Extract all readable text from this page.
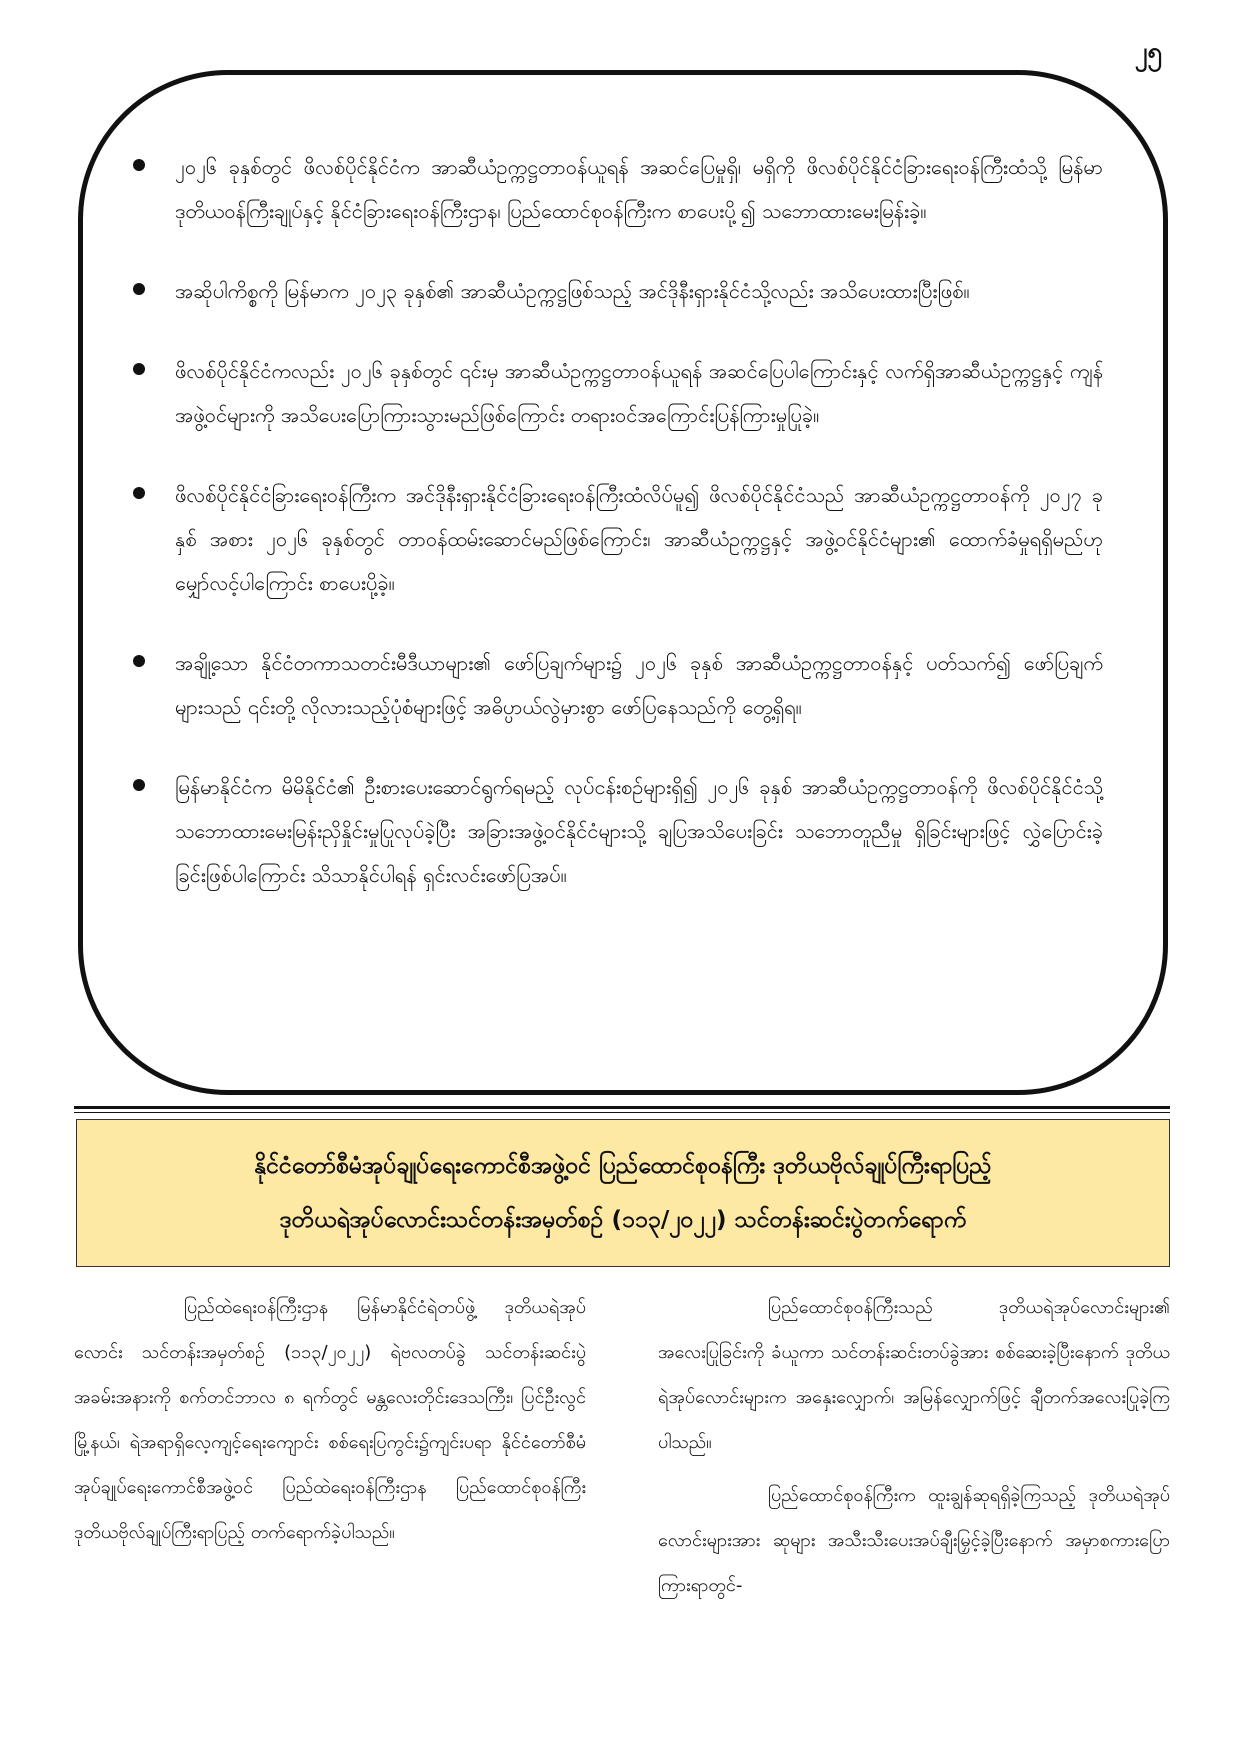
၂၅
၂၀၂၆ ခုနှစ်တွင် ဖိလစ်ပိုင်နိုင်ငံက အာဆီယံဥက္ကဋ္ဌတာဝန်ယူရန် အဆင်ပြေမှုရှိ၊ မရှိကို ဖိလစ်ပိုင်နိုင်ငံခြားရေးဝန်ကြီးထံသို့ မြန်မာဒုတိယဝန်ကြီးချုပ်နှင့် နိုင်ငံခြားရေးဝန်ကြီးဌာန၊ ပြည်ထောင်စုဝန်ကြီးက စာပေးပို့၍ သဘောထားမေးမြန်းခဲ့။
အဆိုပါကိစ္စကို မြန်မာက ၂၀၂၃ ခုနှစ်၏ အာဆီယံဥက္ကဋ္ဌဖြစ်သည့် အင်ဒိုနီးရှားနိုင်ငံသို့လည်း အသိပေးထားပြီးဖြစ်။
ဖိလစ်ပိုင်နိုင်ငံကလည်း ၂၀၂၆ ခုနှစ်တွင် ၎င်းမှ အာဆီယံဥက္ကဋ္ဌတာဝန်ယူရန် အဆင်ပြေပါကြောင်းနှင့် လက်ရှိအာဆီယံဥက္ကဋ္ဌနှင့် ကျန်အဖွဲ့ဝင်များကို အသိပေးပြောကြားသွားမည်ဖြစ်ကြောင်း တရားဝင်အကြောင်းပြန်ကြားမှုပြုခဲ့။
ဖိလစ်ပိုင်နိုင်ငံခြားရေးဝန်ကြီးက အင်ဒိုနီးရှားနိုင်ငံခြားရေးဝန်ကြီးထံလိပ်မူ၍ ဖိလစ်ပိုင်နိုင်ငံသည် အာဆီယံဥက္ကဋ္ဌတာဝန်ကို ၂၀၂၇ ခုနှစ် အစား ၂၀၂၆ ခုနှစ်တွင် တာဝန်ထမ်းဆောင်မည်ဖြစ်ကြောင်း၊ အာဆီယံဥက္ကဋ္ဌနှင့် အဖွဲ့ဝင်နိုင်ငံများ၏ ထောက်ခံမှုရရှိမည်ဟု မျှော်လင့်ပါကြောင်း စာပေးပို့ခဲ့။
အချို့သော နိုင်ငံတကာသတင်းမီဒီယာများ၏ ဖော်ပြချက်များ၌ ၂၀၂၆ ခုနှစ် အာဆီယံဥက္ကဋ္ဌတာဝန်နှင့် ပတ်သက်၍ ဖော်ပြချက်များသည် ၎င်းတို့ လိုလားသည့်ပုံစံများဖြင့် အဓိပ္ပာယ်လွဲမှားစွာ ဖော်ပြနေသည်ကို တွေ့ရှိရ။
မြန်မာနိုင်ငံက မိမိနိုင်ငံ၏ ဦးစားပေးဆောင်ရွက်ရမည့် လုပ်ငန်းစဉ်များရှိ၍ ၂၀၂၆ ခုနှစ် အာဆီယံဥက္ကဋ္ဌတာဝန်ကို ဖိလစ်ပိုင်နိုင်ငံသို့ သဘောထားမေးမြန်းညှိနှိုင်းမှုပြုလုပ်ခဲ့ပြီး အခြားအဖွဲ့ဝင်နိုင်ငံများသို့ ချပြအသိပေးခြင်း သဘောတူညီမှု ရှိခြင်းများဖြင့် လွှဲပြောင်းခဲ့ခြင်းဖြစ်ပါကြောင်း သိသာနိုင်ပါရန် ရှင်းလင်းဖော်ပြအပ်။
နိုင်ငံတော်စီမံအုပ်ချုပ်ရေးကောင်စီအဖွဲ့ဝင် ပြည်ထောင်စုဝန်ကြီး ဒုတိယဗိုလ်ချုပ်ကြီးရာပြည့်
ဒုတိယရဲအုပ်လောင်းသင်တန်းအမှတ်စဉ် (၁၁၃/၂၀၂၂) သင်တန်းဆင်းပွဲတက်ရောက်

ပြည်ထဲရေးဝန်ကြီးဌာန မြန်မာနိုင်ငံရဲတပ်ဖွဲ့ ဒုတိယရဲအုပ်လောင်း သင်တန်းအမှတ်စဉ် (၁၁၃/၂၀၂၂) ရဲဗလတပ်ခွဲ သင်တန်းဆင်းပွဲအခမ်းအနားကို စက်တင်ဘာလ ၈ ရက်တွင် မန္တလေးတိုင်းဒေသကြီး၊ ပြင်ဦးလွင်မြို့နယ်၊ ရဲအရာရှိလေ့ကျင့်ရေးကျောင်း စစ်ရေးပြကွင်း၌ကျင်းပရာ နိုင်ငံတော်စီမံအုပ်ချုပ်ရေးကောင်စီအဖွဲ့ဝင် ပြည်ထဲရေးဝန်ကြီးဌာန ပြည်ထောင်စုဝန်ကြီး ဒုတိယဗိုလ်ချုပ်ကြီးရာပြည့် တက်ရောက်ခဲ့ပါသည်။

ပြည်ထောင်စုဝန်ကြီးသည် ဒုတိယရဲအုပ်လောင်းများ၏ အလေးပြုခြင်းကို ခံယူကာ သင်တန်းဆင်းတပ်ခွဲအား စစ်ဆေးခဲ့ပြီးနောက် ဒုတိယရဲအုပ်လောင်းများက အနှေးလျှောက်၊ အမြန်လျှောက်ဖြင့် ချီတက်အလေးပြုခဲ့ကြပါသည်။

ပြည်ထောင်စုဝန်ကြီးက ထူးချွန်ဆုရရှိခဲ့ကြသည့် ဒုတိယရဲအုပ်လောင်းများအား ဆုများ အသီးသီးပေးအပ်ချီးမြှင့်ခဲ့ပြီးနောက် အမှာစကားပြောကြားရာတွင်-
